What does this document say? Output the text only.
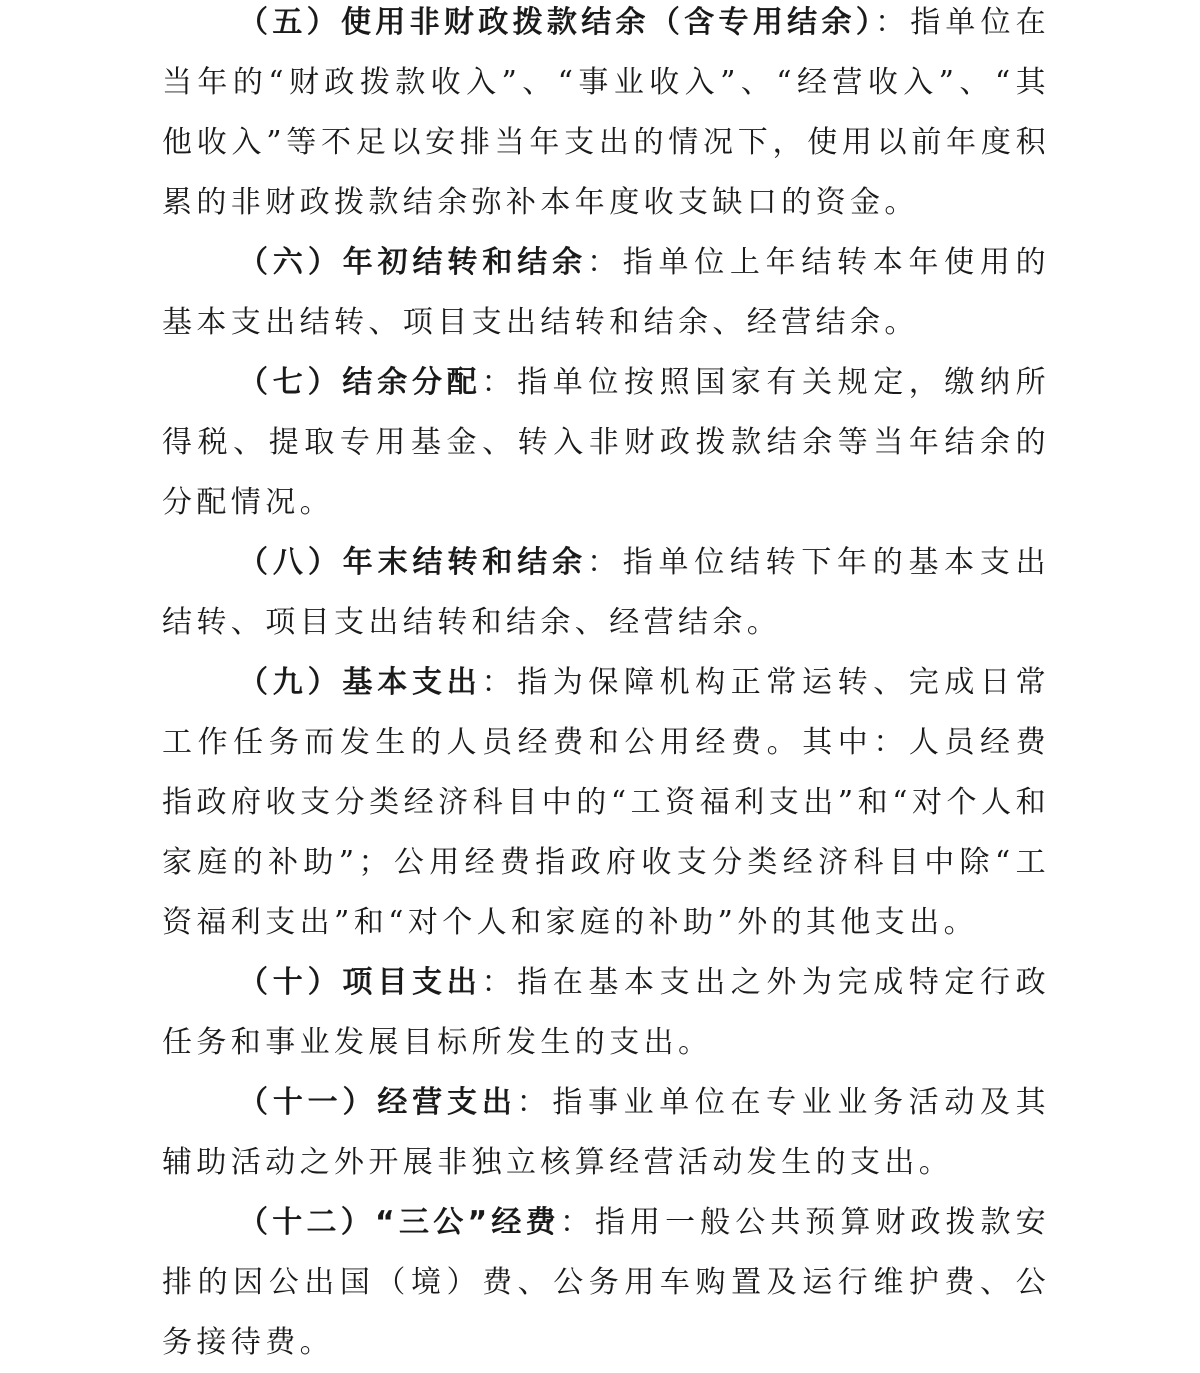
（五）使用非财政拨款结余（含专用结余）：指单位在当年的“财政拨款收入”、“事业收入”、“经营收入”、“其他收入”等不足以安排当年支出的情况下，使用以前年度积累的非财政拨款结余弥补本年度收支缺口的资金。

（六）年初结转和结余：指单位上年结转本年使用的基本支出结转、项目支出结转和结余、经营结余。

（七）结余分配：指单位按照国家有关规定，缴纳所得税、提取专用基金、转入非财政拨款结余等当年结余的分配情况。

（八）年末结转和结余：指单位结转下年的基本支出结转、项目支出结转和结余、经营结余。

（九）基本支出：指为保障机构正常运转、完成日常工作任务而发生的人员经费和公用经费。其中：人员经费指政府收支分类经济科目中的“工资福利支出”和“对个人和家庭的补助”；公用经费指政府收支分类经济科目中除“工资福利支出”和“对个人和家庭的补助”外的其他支出。

（十）项目支出：指在基本支出之外为完成特定行政任务和事业发展目标所发生的支出。

（十一）经营支出：指事业单位在专业业务活动及其辅助活动之外开展非独立核算经营活动发生的支出。

（十二）“三公”经费：指用一般公共预算财政拨款安排的因公出国（境）费、公务用车购置及运行维护费、公务接待费。
